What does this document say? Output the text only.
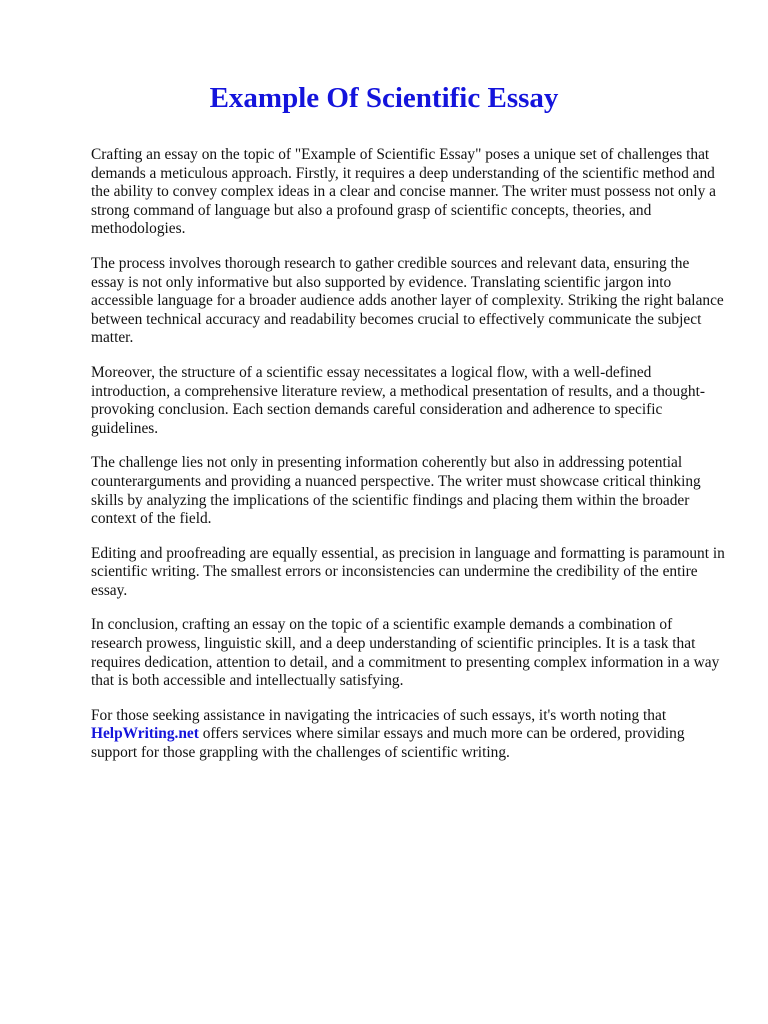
Example Of Scientific Essay

Crafting an essay on the topic of "Example of Scientific Essay" poses a unique set of challenges that demands a meticulous approach. Firstly, it requires a deep understanding of the scientific method and the ability to convey complex ideas in a clear and concise manner. The writer must possess not only a strong command of language but also a profound grasp of scientific concepts, theories, and methodologies.

The process involves thorough research to gather credible sources and relevant data, ensuring the essay is not only informative but also supported by evidence. Translating scientific jargon into accessible language for a broader audience adds another layer of complexity. Striking the right balance between technical accuracy and readability becomes crucial to effectively communicate the subject matter.

Moreover, the structure of a scientific essay necessitates a logical flow, with a well-defined introduction, a comprehensive literature review, a methodical presentation of results, and a thought-provoking conclusion. Each section demands careful consideration and adherence to specific guidelines.

The challenge lies not only in presenting information coherently but also in addressing potential counterarguments and providing a nuanced perspective. The writer must showcase critical thinking skills by analyzing the implications of the scientific findings and placing them within the broader context of the field.

Editing and proofreading are equally essential, as precision in language and formatting is paramount in scientific writing. The smallest errors or inconsistencies can undermine the credibility of the entire essay.

In conclusion, crafting an essay on the topic of a scientific example demands a combination of research prowess, linguistic skill, and a deep understanding of scientific principles. It is a task that requires dedication, attention to detail, and a commitment to presenting complex information in a way that is both accessible and intellectually satisfying.

For those seeking assistance in navigating the intricacies of such essays, it's worth noting that HelpWriting.net offers services where similar essays and much more can be ordered, providing support for those grappling with the challenges of scientific writing.
